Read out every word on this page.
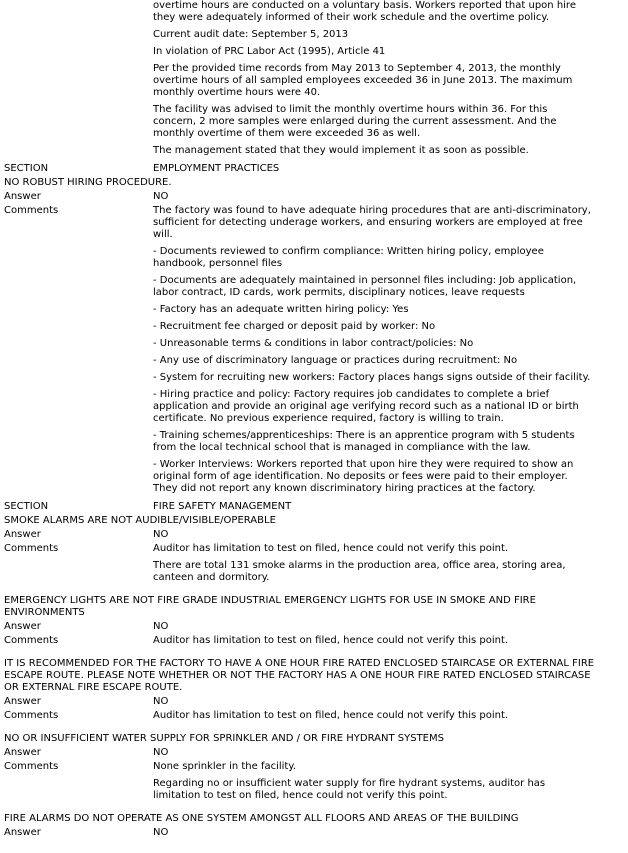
overtime hours are conducted on a voluntary basis. Workers reported that upon hire they were adequately informed of their work schedule and the overtime policy.

Current audit date: September 5, 2013

In violation of PRC Labor Act (1995), Article 41

Per the provided time records from May 2013 to September 4, 2013, the monthly overtime hours of all sampled employees exceeded 36 in June 2013. The maximum monthly overtime hours were 40.

The facility was advised to limit the monthly overtime hours within 36. For this concern, 2 more samples were enlarged during the current assessment. And the monthly overtime of them were exceeded 36 as well.

The management stated that they would implement it as soon as possible.

SECTION	EMPLOYMENT PRACTICES
NO ROBUST HIRING PROCEDURE.
Answer	NO
Comments	The factory was found to have adequate hiring procedures that are anti-discriminatory, sufficient for detecting underage workers, and ensuring workers are employed at free will.

- Documents reviewed to confirm compliance: Written hiring policy, employee handbook, personnel files

- Documents are adequately maintained in personnel files including: Job application, labor contract, ID cards, work permits, disciplinary notices, leave requests

- Factory has an adequate written hiring policy: Yes

- Recruitment fee charged or deposit paid by worker: No

- Unreasonable terms & conditions in labor contract/policies: No

- Any use of discriminatory language or practices during recruitment: No

- System for recruiting new workers: Factory places hangs signs outside of their facility.

- Hiring practice and policy: Factory requires job candidates to complete a brief application and provide an original age verifying record such as a national ID or birth certificate. No previous experience required, factory is willing to train.

- Training schemes/apprenticeships: There is an apprentice program with 5 students from the local technical school that is managed in compliance with the law.

- Worker Interviews: Workers reported that upon hire they were required to show an original form of age identification. No deposits or fees were paid to their employer. They did not report any known discriminatory hiring practices at the factory.

SECTION	FIRE SAFETY MANAGEMENT
SMOKE ALARMS ARE NOT AUDIBLE/VISIBLE/OPERABLE
Answer	NO
Comments	Auditor has limitation to test on filed, hence could not verify this point.

There are total 131 smoke alarms in the production area, office area, storing area, canteen and dormitory.

EMERGENCY LIGHTS ARE NOT FIRE GRADE INDUSTRIAL EMERGENCY LIGHTS FOR USE IN SMOKE AND FIRE ENVIRONMENTS
Answer	NO
Comments	Auditor has limitation to test on filed, hence could not verify this point.

IT IS RECOMMENDED FOR THE FACTORY TO HAVE A ONE HOUR FIRE RATED ENCLOSED STAIRCASE OR EXTERNAL FIRE ESCAPE ROUTE. PLEASE NOTE WHETHER OR NOT THE FACTORY HAS A ONE HOUR FIRE RATED ENCLOSED STAIRCASE OR EXTERNAL FIRE ESCAPE ROUTE.
Answer	NO
Comments	Auditor has limitation to test on filed, hence could not verify this point.

NO OR INSUFFICIENT WATER SUPPLY FOR SPRINKLER AND / OR FIRE HYDRANT SYSTEMS
Answer	NO
Comments	None sprinkler in the facility.

Regarding no or insufficient water supply for fire hydrant systems, auditor has limitation to test on filed, hence could not verify this point.

FIRE ALARMS DO NOT OPERATE AS ONE SYSTEM AMONGST ALL FLOORS AND AREAS OF THE BUILDING
Answer	NO
